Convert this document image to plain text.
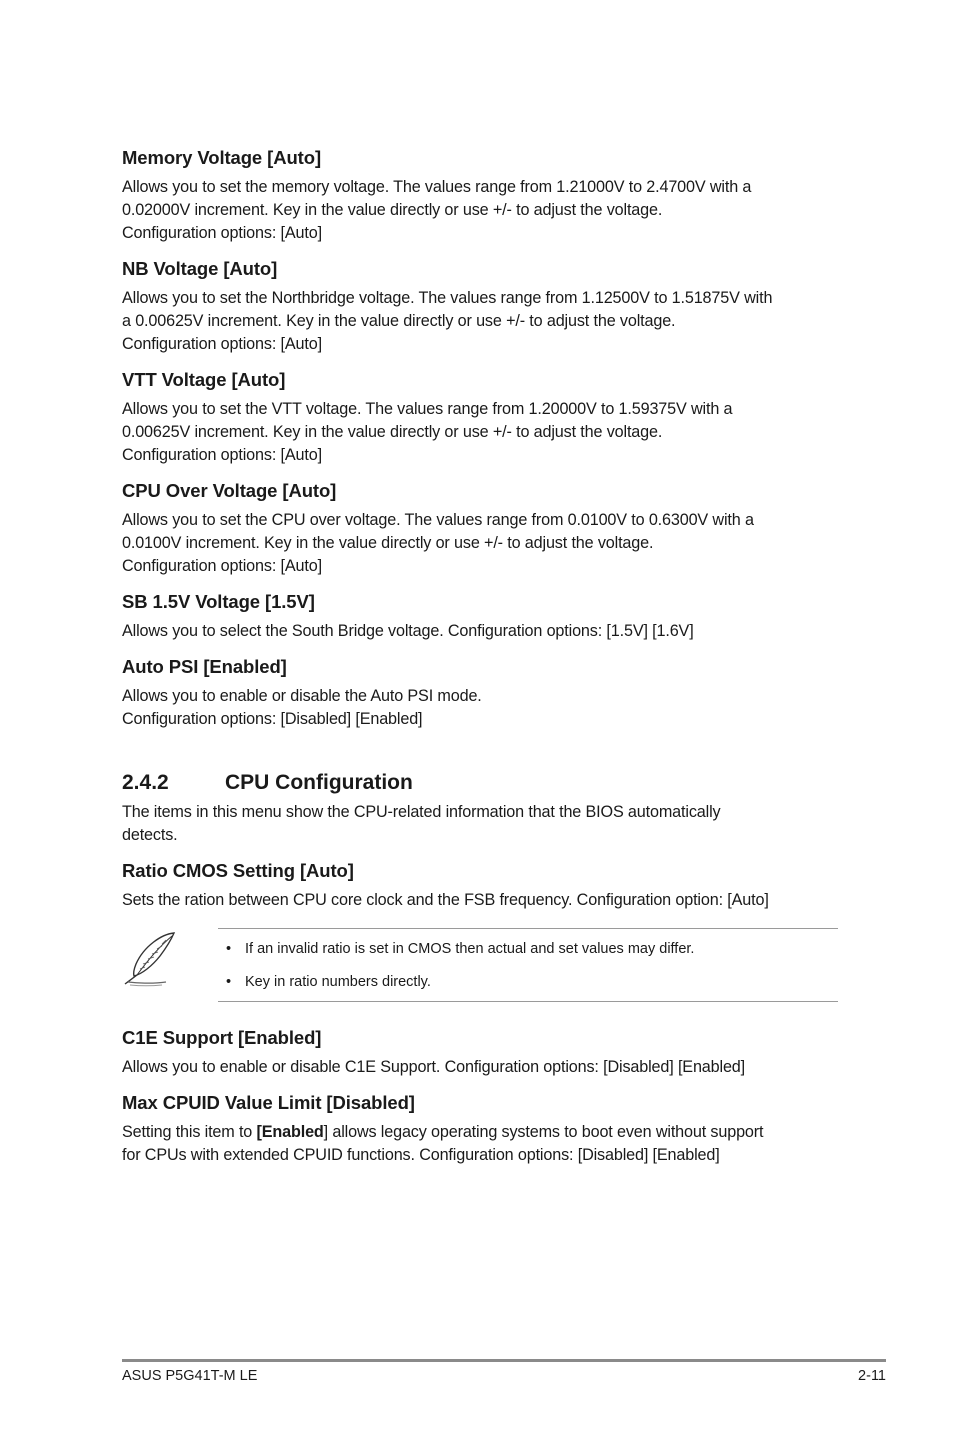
Memory Voltage [Auto]
Allows you to set the memory voltage. The values range from 1.21000V to 2.4700V with a
0.02000V increment. Key in the value directly or use +/- to adjust the voltage.
Configuration options: [Auto]
NB Voltage [Auto]
Allows you to set the Northbridge voltage. The values range from 1.12500V to 1.51875V with
a 0.00625V increment. Key in the value directly or use +/- to adjust the voltage.
Configuration options: [Auto]
VTT Voltage [Auto]
Allows you to set the VTT voltage. The values range from 1.20000V to 1.59375V with a
0.00625V increment. Key in the value directly or use +/- to adjust the voltage.
Configuration options: [Auto]
CPU Over Voltage [Auto]
Allows you to set the CPU over voltage. The values range from 0.0100V to 0.6300V with a
0.0100V increment. Key in the value directly or use +/- to adjust the voltage.
Configuration options: [Auto]
SB 1.5V Voltage [1.5V]
Allows you to select the South Bridge voltage. Configuration options: [1.5V] [1.6V]
Auto PSI [Enabled]
Allows you to enable or disable the Auto PSI mode.
Configuration options: [Disabled] [Enabled]
2.4.2	CPU Configuration
The items in this menu show the CPU-related information that the BIOS automatically
detects.
Ratio CMOS Setting [Auto]
Sets the ration between CPU core clock and the FSB frequency. Configuration option: [Auto]
• If an invalid ratio is set in CMOS then actual and set values may differ.
• Key in ratio numbers directly.
C1E Support [Enabled]
Allows you to enable or disable C1E Support. Configuration options: [Disabled] [Enabled]
Max CPUID Value Limit [Disabled]
Setting this item to [Enabled] allows legacy operating systems to boot even without support
for CPUs with extended CPUID functions. Configuration options: [Disabled] [Enabled]
ASUS P5G41T-M LE	2-11
